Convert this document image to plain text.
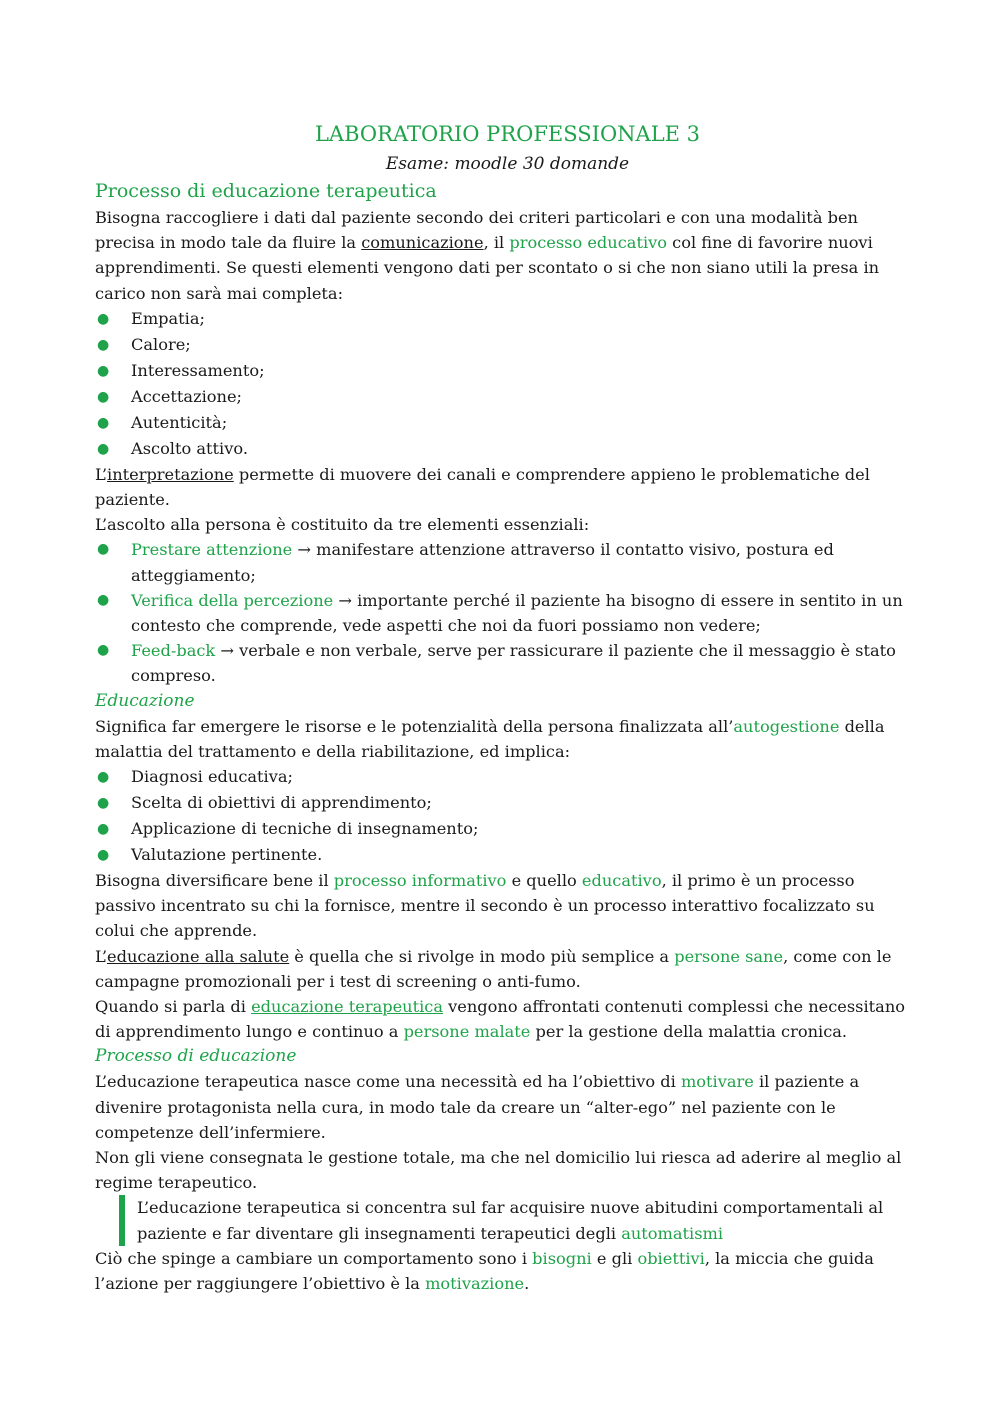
LABORATORIO PROFESSIONALE 3
Esame: moodle 30 domande
Processo di educazione terapeutica

Bisogna raccogliere i dati dal paziente secondo dei criteri particolari e con una modalità ben precisa in modo tale da fluire la comunicazione, il processo educativo col fine di favorire nuovi apprendimenti. Se questi elementi vengono dati per scontato o si che non siano utili la presa in carico non sarà mai completa:

● Empatia;
● Calore;
● Interessamento;
● Accettazione;
● Autenticità;
● Ascolto attivo.

L’interpretazione permette di muovere dei canali e comprendere appieno le problematiche del paziente.

L’ascolto alla persona è costituito da tre elementi essenziali:

● Prestare attenzione → manifestare attenzione attraverso il contatto visivo, postura ed atteggiamento;
● Verifica della percezione → importante perché il paziente ha bisogno di essere in sentito in un contesto che comprende, vede aspetti che noi da fuori possiamo non vedere;
● Feed-back → verbale e non verbale, serve per rassicurare il paziente che il messaggio è stato compreso.
Educazione

Significa far emergere le risorse e le potenzialità della persona finalizzata all’autogestione della malattia del trattamento e della riabilitazione, ed implica:

● Diagnosi educativa;
● Scelta di obiettivi di apprendimento;
● Applicazione di tecniche di insegnamento;
● Valutazione pertinente.

Bisogna diversificare bene il processo informativo e quello educativo, il primo è un processo passivo incentrato su chi la fornisce, mentre il secondo è un processo interattivo focalizzato su colui che apprende.

L’educazione alla salute è quella che si rivolge in modo più semplice a persone sane, come con le campagne promozionali per i test di screening o anti-fumo.

Quando si parla di educazione terapeutica vengono affrontati contenuti complessi che necessitano di apprendimento lungo e continuo a persone malate per la gestione della malattia cronica.

Processo di educazione

L’educazione terapeutica nasce come una necessità ed ha l’obiettivo di motivare il paziente a divenire protagonista nella cura, in modo tale da creare un “alter-ego” nel paziente con le competenze dell’infermiere.

Non gli viene consegnata le gestione totale, ma che nel domicilio lui riesca ad aderire al meglio al regime terapeutico.

L’educazione terapeutica si concentra sul far acquisire nuove abitudini comportamentali al paziente e far diventare gli insegnamenti terapeutici degli automatismi

Ciò che spinge a cambiare un comportamento sono i bisogni e gli obiettivi, la miccia che guida l’azione per raggiungere l’obiettivo è la motivazione.
